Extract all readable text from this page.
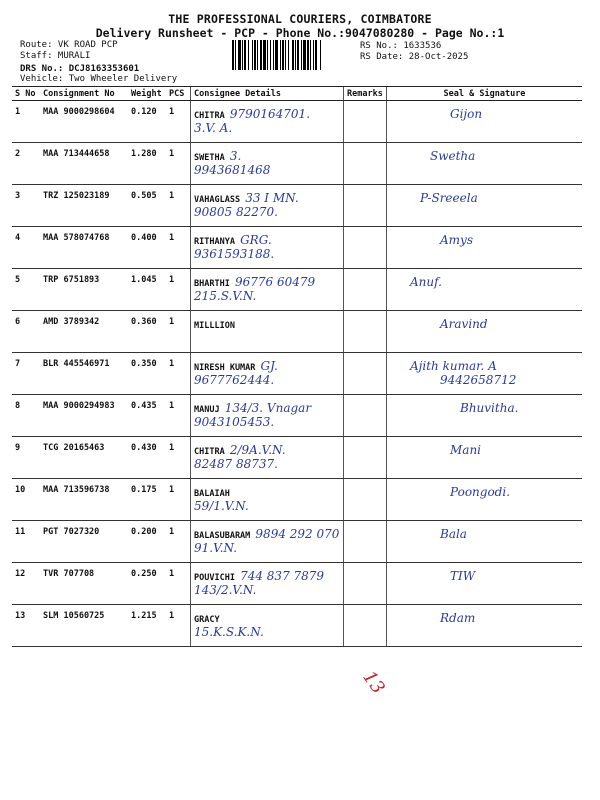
THE PROFESSIONAL COURIERS, COIMBATORE
Delivery Runsheet - PCP - Phone No.:9047080280 - Page No.:1
Route: VK ROAD PCP
Staff: MURALI
DRS No.: DCJ8163353601
Vehicle: Two Wheeler Delivery
RS No.: 1633536
RS Date: 28-Oct-2025
S No	Consignment No	Weight	PCS	Consignee Details	Remarks	Seal & Signature
1	MAA 9000298604	0.120	1	CHITRA 9790164701.
3.V. A.		Gijon

2	MAA 713444658	1.280	1	SWETHA 3.
9943681468		Swetha

3	TRZ 125023189	0.505	1	VAHAGLASS 33 I MN.
90805 82270.		P-Sreeela

4	MAA 578074768	0.400	1	RITHANYA GRG.
9361593188.		Amys

5	TRP 6751893	1.045	1	BHARTHI 96776 60479
215.S.V.N.		Anuf.

6	AMD 3789342	0.360	1	MILLLION		Aravind

7	BLR 445546971	0.350	1	NIRESH KUMAR GJ.
9677762444.		Ajith kumar. A
9442658712

8	MAA 9000294983	0.435	1	MANUJ 134/3. Vnagar
9043105453.		Bhuvitha.

9	TCG 20165463	0.430	1	CHITRA 2/9A.V.N.
82487 88737.		Mani

10	MAA 713596738	0.175	1	BALAIAH
59/1.V.N.		Poongodi.

11	PGT 7027320	0.200	1	BALASUBARAM 9894 292 070
91.V.N.		Bala

12	TVR 707708	0.250	1	POUVICHI 744 837 7879
143/2.V.N.		TIW

13	SLM 10560725	1.215	1	GRACY
15.K.S.K.N.		Rdam
13
